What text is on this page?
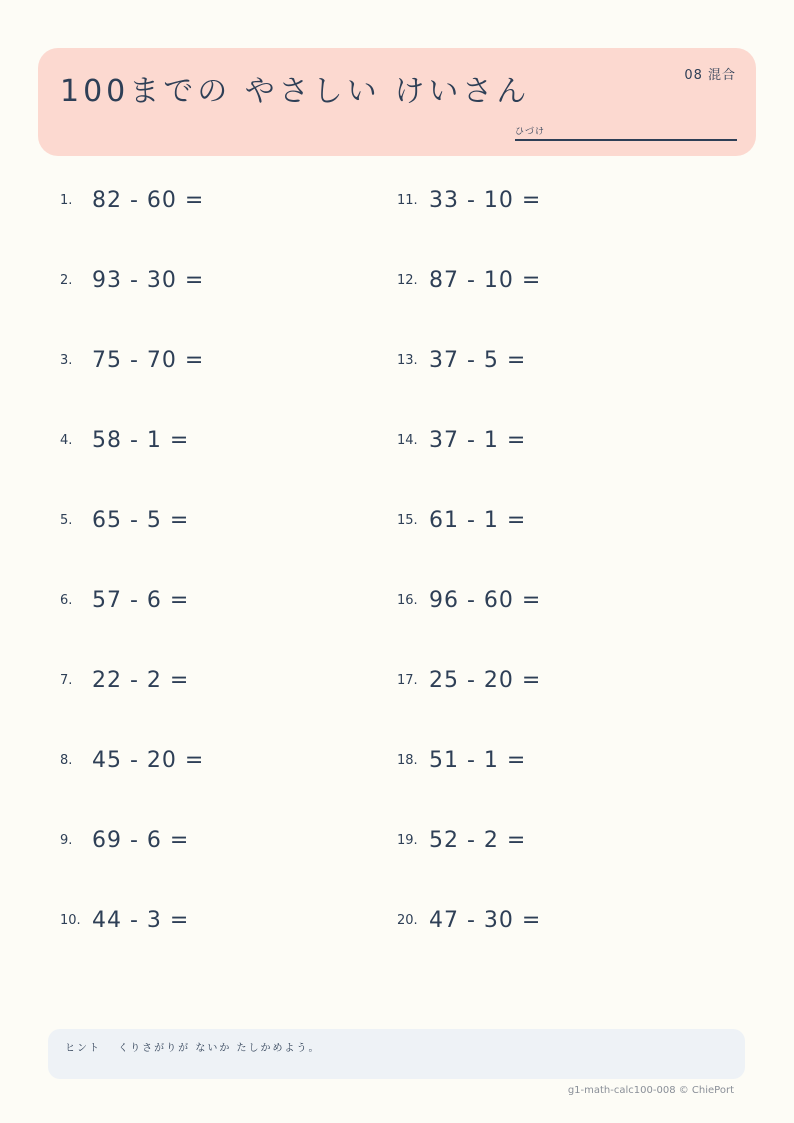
100までの やさしい けいさん	08 混合
ひづけ
1. 82 - 60 =
2. 93 - 30 =
3. 75 - 70 =
4. 58 - 1 =
5. 65 - 5 =
6. 57 - 6 =
7. 22 - 2 =
8. 45 - 20 =
9. 69 - 6 =
10. 44 - 3 =
11. 33 - 10 =
12. 87 - 10 =
13. 37 - 5 =
14. 37 - 1 =
15. 61 - 1 =
16. 96 - 60 =
17. 25 - 20 =
18. 51 - 1 =
19. 52 - 2 =
20. 47 - 30 =
ヒント　 くりさがりが ないか たしかめよう。
g1-math-calc100-008 © ChiePort
